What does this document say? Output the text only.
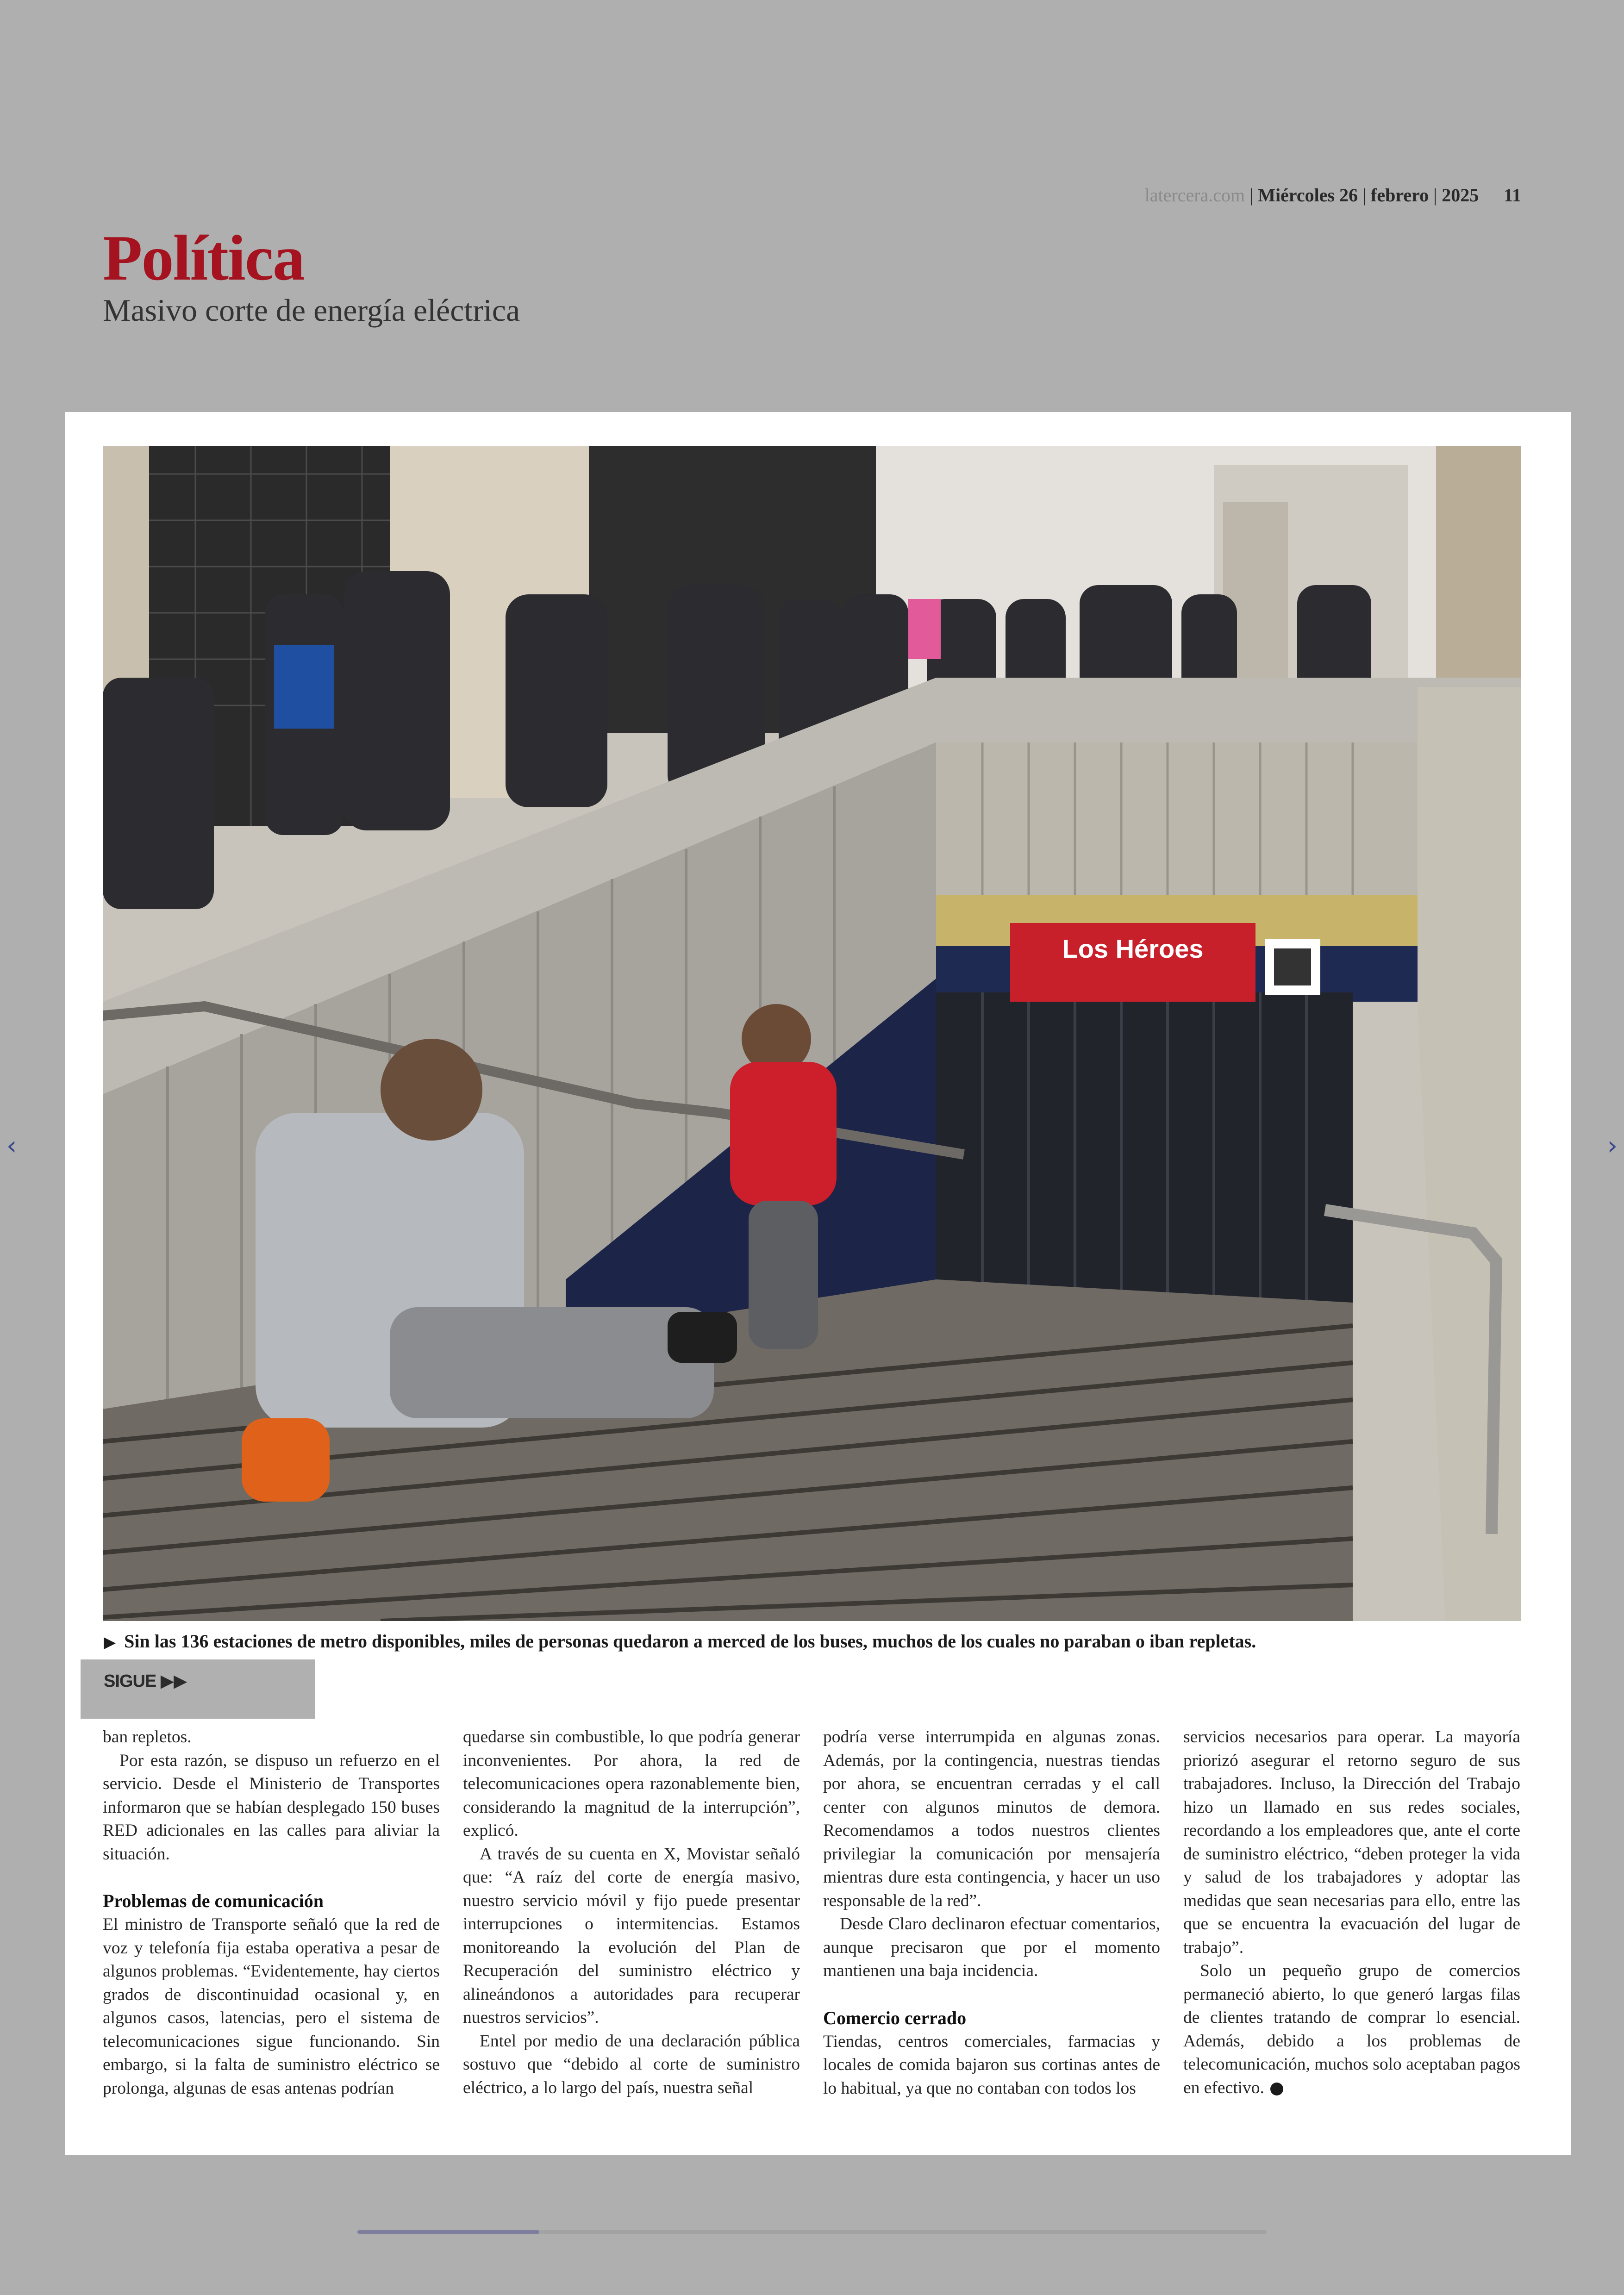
latercera.com | Miércoles 26 | febrero | 2025 11
Política
Masivo corte de energía eléctrica
Los Héroes
▶ Sin las 136 estaciones de metro disponibles, miles de personas quedaron a merced de los buses, muchos de los cuales no paraban o iban repletas.
SIGUE ▶▶

ban repletos.

Por esta razón, se dispuso un refuerzo en el servicio. Desde el Ministerio de Transportes informaron que se habían desplegado 150 buses RED adicionales en las calles para aliviar la situación.

Problemas de comunicación

El ministro de Transporte señaló que la red de voz y telefonía fija estaba operativa a pesar de algunos problemas. “Evidentemente, hay ciertos grados de discontinuidad ocasional y, en algunos casos, latencias, pero el sistema de telecomunicaciones sigue funcionando. Sin embargo, si la falta de suministro eléctrico se prolonga, algunas de esas antenas podrían

quedarse sin combustible, lo que podría generar inconvenientes. Por ahora, la red de telecomunicaciones opera razonablemente bien, considerando la magnitud de la interrupción”, explicó.

A través de su cuenta en X, Movistar señaló que: “A raíz del corte de energía masivo, nuestro servicio móvil y fijo puede presentar interrupciones o intermitencias. Estamos monitoreando la evolución del Plan de Recuperación del suministro eléctrico y alineándonos a autoridades para recuperar nuestros servicios”.

Entel por medio de una declaración pública sostuvo que “debido al corte de suministro eléctrico, a lo largo del país, nuestra señal

podría verse interrumpida en algunas zonas. Además, por la contingencia, nuestras tiendas por ahora, se encuentran cerradas y el call center con algunos minutos de demora. Recomendamos a todos nuestros clientes privilegiar la comunicación por mensajería mientras dure esta contingencia, y hacer un uso responsable de la red”.

Desde Claro declinaron efectuar comentarios, aunque precisaron que por el momento mantienen una baja incidencia.

Comercio cerrado

Tiendas, centros comerciales, farmacias y locales de comida bajaron sus cortinas antes de lo habitual, ya que no contaban con todos los

servicios necesarios para operar. La mayoría priorizó asegurar el retorno seguro de sus trabajadores. Incluso, la Dirección del Trabajo hizo un llamado en sus redes sociales, recordando a los empleadores que, ante el corte de suministro eléctrico, “deben proteger la vida y salud de los trabajadores y adoptar las medidas que sean necesarias para ello, entre las que se encuentra la evacuación del lugar de trabajo”.

Solo un pequeño grupo de comercios permaneció abierto, lo que generó largas filas de clientes tratando de comprar lo esencial. Además, debido a los problemas de telecomunicación, muchos solo aceptaban pagos en efectivo.

‹	›
